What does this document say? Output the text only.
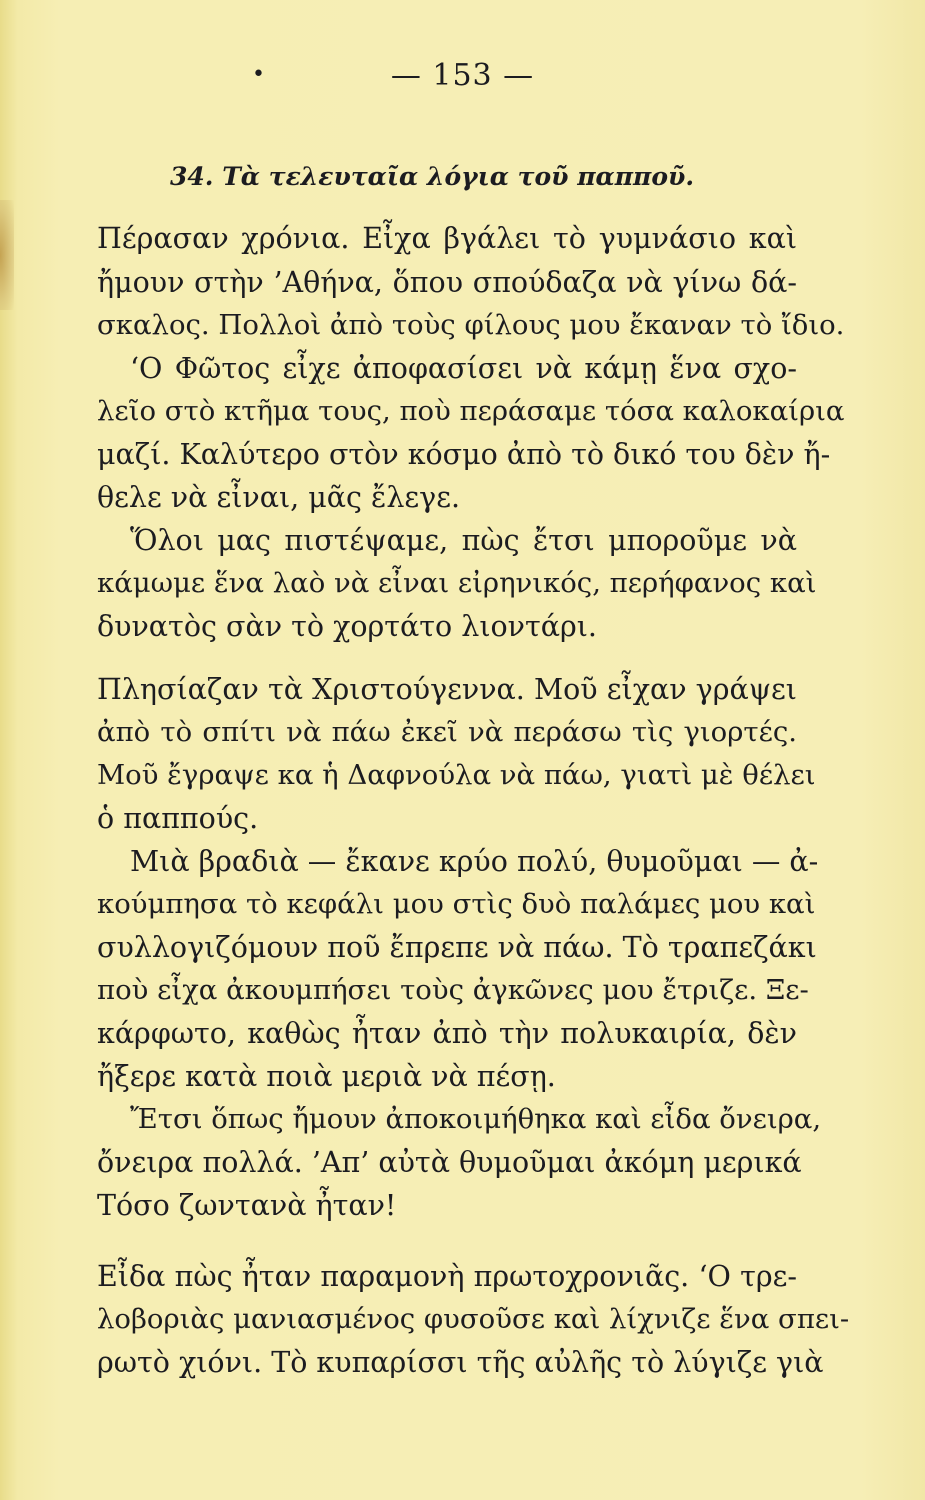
•	— 153 —
34. Τὰ τελευταῖα λόγια τοῦ παπποῦ.
Πέρασαν χρόνια. Εἶχα βγάλει τὸ γυμνάσιο καὶ
ἤμουν στὴν ’Αθήνα, ὅπου σπούδαζα νὰ γίνω δά-
σκαλος. Πολλοὶ ἀπὸ τοὺς φίλους μου ἔκαναν τὸ ἴδιο.
‘Ο Φῶτος εἶχε ἀποφασίσει νὰ κάμῃ ἕνα σχο-
λεῖο στὸ κτῆμα τους, ποὺ περάσαμε τόσα καλοκαίρια
μαζί. Καλύτερο στὸν κόσμο ἀπὸ τὸ δικό του δὲν ἤ-
θελε νὰ εἶναι, μᾶς ἔλεγε.
Ὅλοι μας πιστέψαμε, πὼς ἔτσι μποροῦμε νὰ
κάμωμε ἕνα λαὸ νὰ εἶναι εἰρηνικός, περήφανος καὶ
δυνατὸς σὰν τὸ χορτάτο λιοντάρι.
Πλησίαζαν τὰ Χριστούγεννα. Μοῦ εἶχαν γράψει
ἀπὸ τὸ σπίτι νὰ πάω ἐκεῖ νὰ περάσω τὶς γιορτές.
Μοῦ ἔγραψε κα ἡ Δαφνούλα νὰ πάω, γιατὶ μὲ θέλει
ὁ παππούς.
Μιὰ βραδιὰ — ἔκανε κρύο πολύ, θυμοῦμαι — ἀ-
κούμπησα τὸ κεφάλι μου στὶς δυὸ παλάμες μου καὶ
συλλογιζόμουν ποῦ ἔπρεπε νὰ πάω. Τὸ τραπεζάκι
ποὺ εἶχα ἀκουμπήσει τοὺς ἀγκῶνες μου ἔτριζε. Ξε-
κάρφωτο, καθὼς ἦταν ἀπὸ τὴν πολυκαιρία, δὲν
ἤξερε κατὰ ποιὰ μεριὰ νὰ πέσῃ.
Ἔτσι ὅπως ἤμουν ἀποκοιμήθηκα καὶ εἶδα ὄνειρα,
ὄνειρα πολλά. ’Απ’ αὐτὰ θυμοῦμαι ἀκόμη μερικά
Τόσο ζωντανὰ ἦταν!
Εἶδα πὼς ἦταν παραμονὴ πρωτοχρονιᾶς. ‘Ο τρε-
λοβοριὰς μανιασμένος φυσοῦσε καὶ λίχνιζε ἕνα σπει-
ρωτὸ χιόνι. Τὸ κυπαρίσσι τῆς αὐλῆς τὸ λύγιζε γιὰ
